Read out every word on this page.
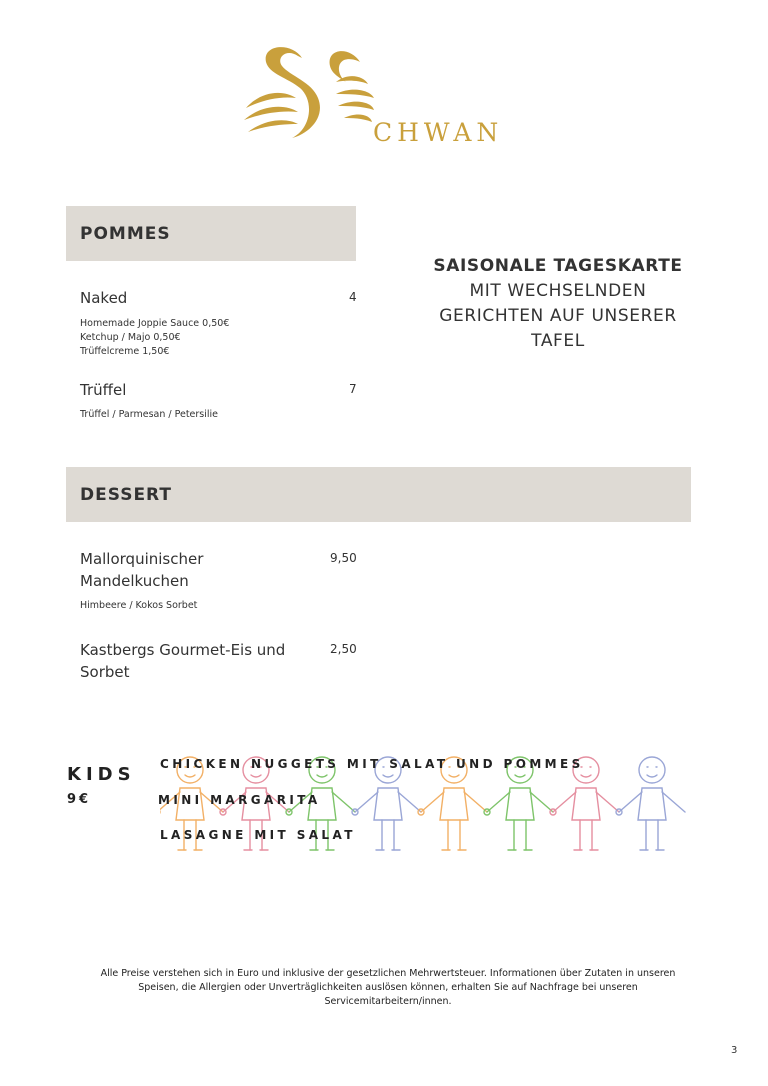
CHWAN
POMMES
Naked	4
Homemade Joppie Sauce 0,50€
Ketchup / Majo 0,50€
Trüffelcreme 1,50€
Trüffel	7
Trüffel / Parmesan / Petersilie
SAISONALE TAGESKARTE
MIT WECHSELNDEN
GERICHTEN AUF UNSERER
TAFEL
DESSERT
Mallorquinischer
Mandelkuchen
9,50
Himbeere / Kokos Sorbet
Kastbergs Gourmet-Eis und
Sorbet
2,50
KIDS
9€
CHICKEN NUGGETS MIT SALAT UND POMMES
MINI MARGARITA
LASAGNE MIT SALAT
Alle Preise verstehen sich in Euro und inklusive der gesetzlichen Mehrwertsteuer. Informationen über Zutaten in unseren
Speisen, die Allergien oder Unverträglichkeiten auslösen können, erhalten Sie auf Nachfrage bei unseren
Servicemitarbeitern/innen.
3
